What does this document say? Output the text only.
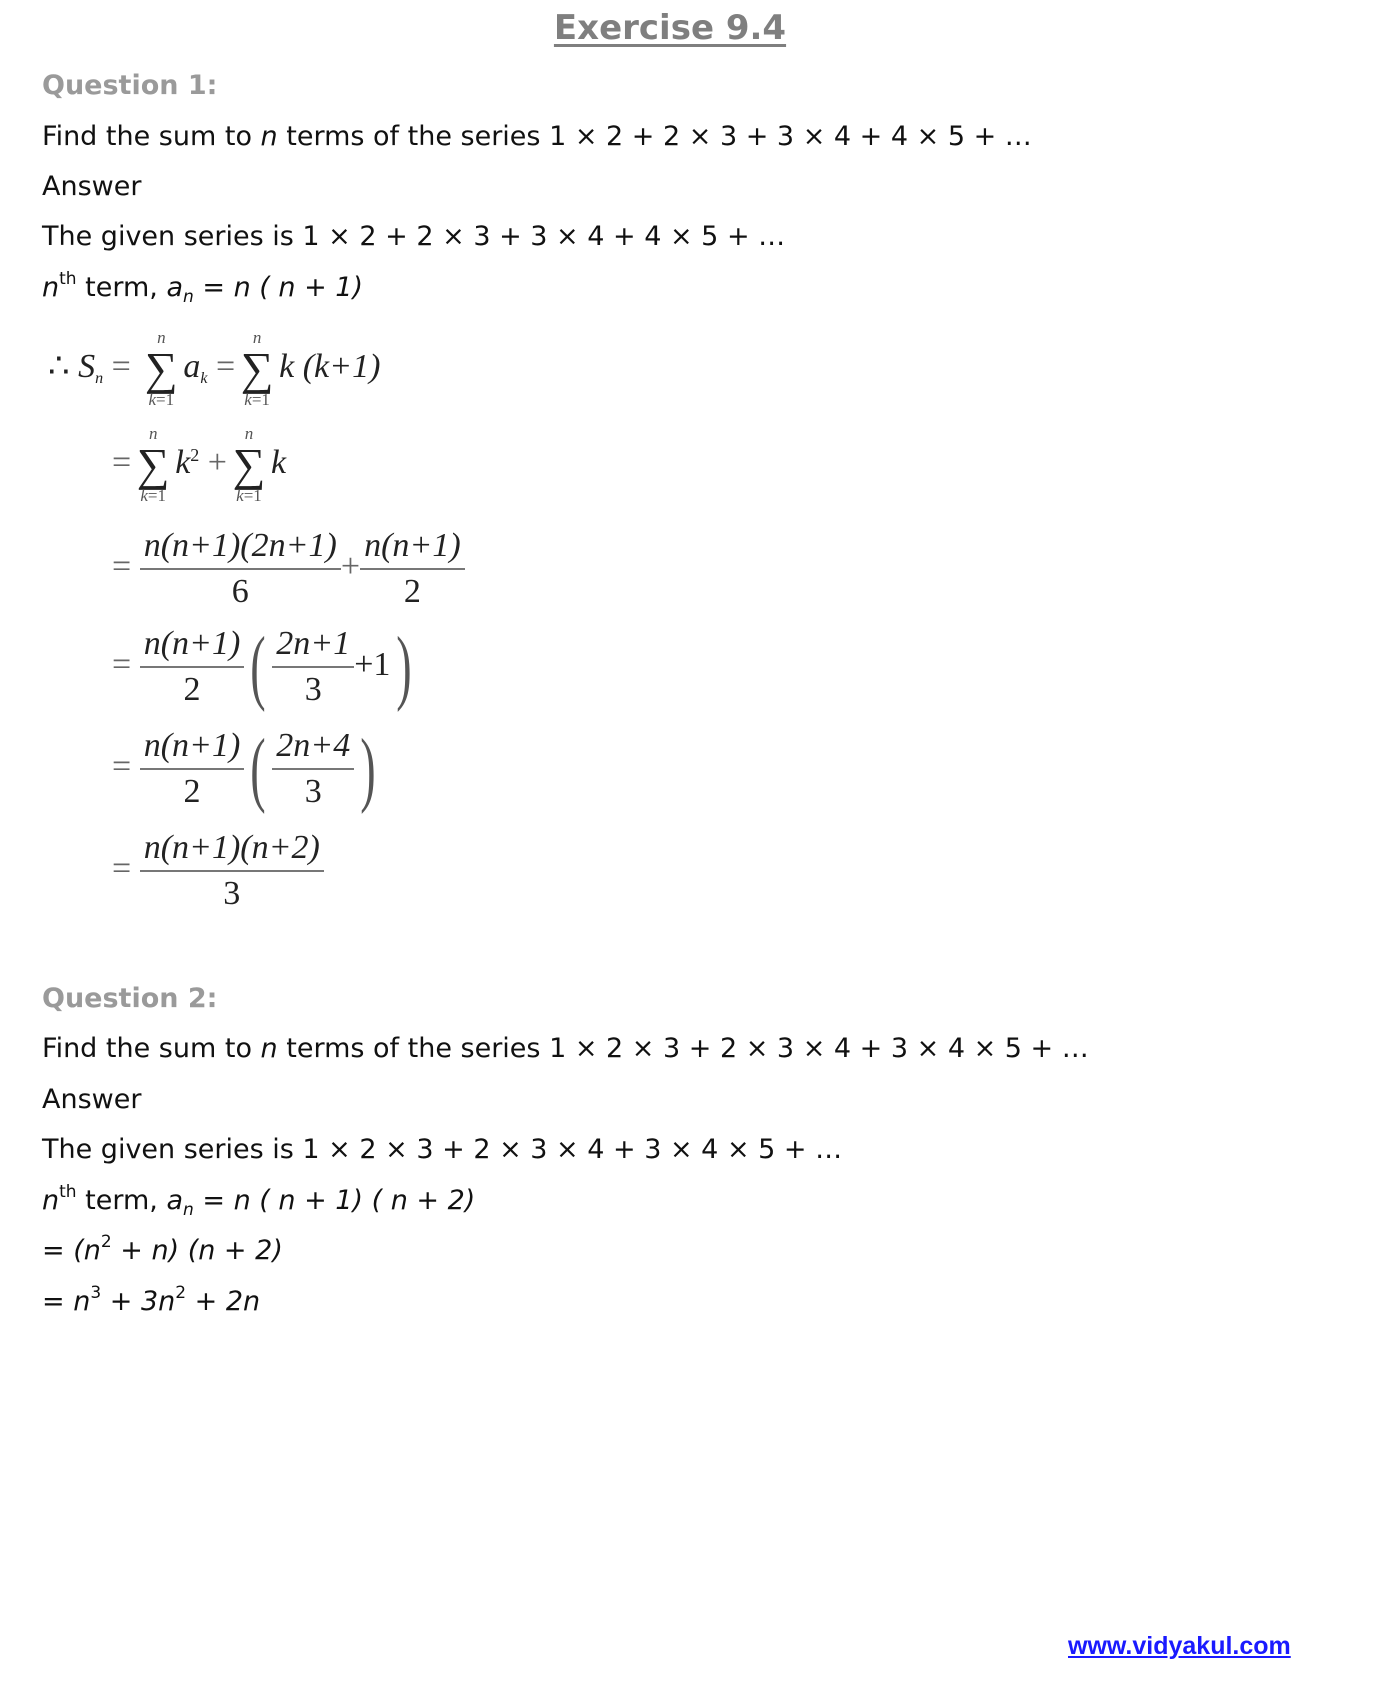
Exercise 9.4
Question 1:
Find the sum to n terms of the series 1 × 2 + 2 × 3 + 3 × 4 + 4 × 5 + …
Answer
The given series is 1 × 2 + 2 × 3 + 3 × 4 + 4 × 5 + …
$n^{th}$ term, $a_n = n$ ( n + 1)
∴ $S_n$ =
n
∑
k=1
$a_k$ =
n
∑
k=1
k (k+1)
=
n
∑
k=1
$k^2$ +
n
∑
k=1
k
= $\frac{n(n+1)(2n+1)}{6} + \frac{n(n+1)}{2}$
= $\frac{n(n+1)}{2}$ ( $\frac{2n+1}{3} +1$)
= $\frac{n(n+1)}{2}$ ( $\frac{2n+4}{3}$ )
= $\frac{n(n+1)(n+2)}{3}$
Question 2:
Find the sum to n terms of the series 1 × 2 × 3 + 2 × 3 × 4 + 3 × 4 × 5 + …
Answer
The given series is 1 × 2 × 3 + 2 × 3 × 4 + 3 × 4 × 5 + …
$n^{th}$ term, $a_n = n$ ( n + 1) ( n + 2)
= $(n^2 + n) (n + 2)$
= $n^3 + 3n^2 + 2n$
www.vidyakul.com
